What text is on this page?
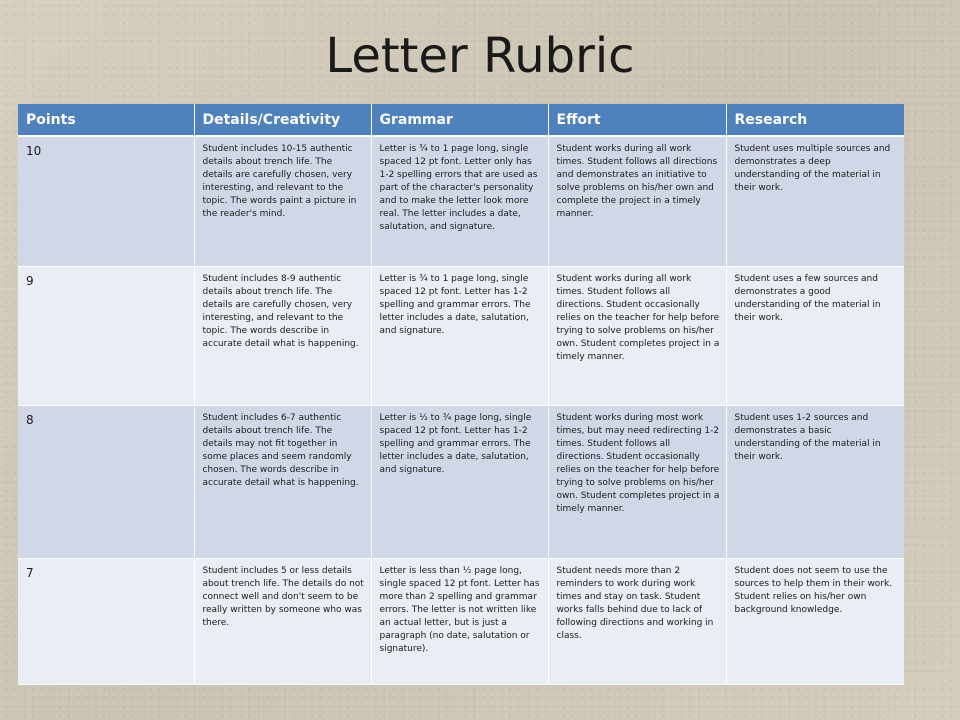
Letter Rubric
Points	Details/Creativity	Grammar	Effort	Research
10	Student includes 10-15 authentic details about trench life. The details are carefully chosen, very interesting, and relevant to the topic. The words paint a picture in the reader's mind.	Letter is ¾ to 1 page long, single spaced 12 pt font. Letter only has 1-2 spelling errors that are used as part of the character's personality and to make the letter look more real. The letter includes a date, salutation, and signature.	Student works during all work times. Student follows all directions and demonstrates an initiative to solve problems on his/her own and complete the project in a timely manner.	Student uses multiple sources and demonstrates a deep understanding of the material in their work.
9	Student includes 8-9 authentic details about trench life. The details are carefully chosen, very interesting, and relevant to the topic. The words describe in accurate detail what is happening.	Letter is ¾ to 1 page long, single spaced 12 pt font. Letter has 1-2 spelling and grammar errors. The letter includes a date, salutation, and signature.	Student works during all work times. Student follows all directions. Student occasionally relies on the teacher for help before trying to solve problems on his/her own. Student completes project in a timely manner.	Student uses a few sources and demonstrates a good understanding of the material in their work.
8	Student includes 6-7 authentic details about trench life. The details may not fit together in some places and seem randomly chosen. The words describe in accurate detail what is happening.	Letter is ½ to ¾ page long, single spaced 12 pt font. Letter has 1-2 spelling and grammar errors. The letter includes a date, salutation, and signature.	Student works during most work times, but may need redirecting 1-2 times. Student follows all directions. Student occasionally relies on the teacher for help before trying to solve problems on his/her own. Student completes project in a timely manner.	Student uses 1-2 sources and demonstrates a basic understanding of the material in their work.
7	Student includes 5 or less details about trench life. The details do not connect well and don't seem to be really written by someone who was there.	Letter is less than ½ page long, single spaced 12 pt font. Letter has more than 2 spelling and grammar errors. The letter is not written like an actual letter, but is just a paragraph (no date, salutation or signature).	Student needs more than 2 reminders to work during work times and stay on task. Student works falls behind due to lack of following directions and working in class.	Student does not seem to use the sources to help them in their work. Student relies on his/her own background knowledge.
